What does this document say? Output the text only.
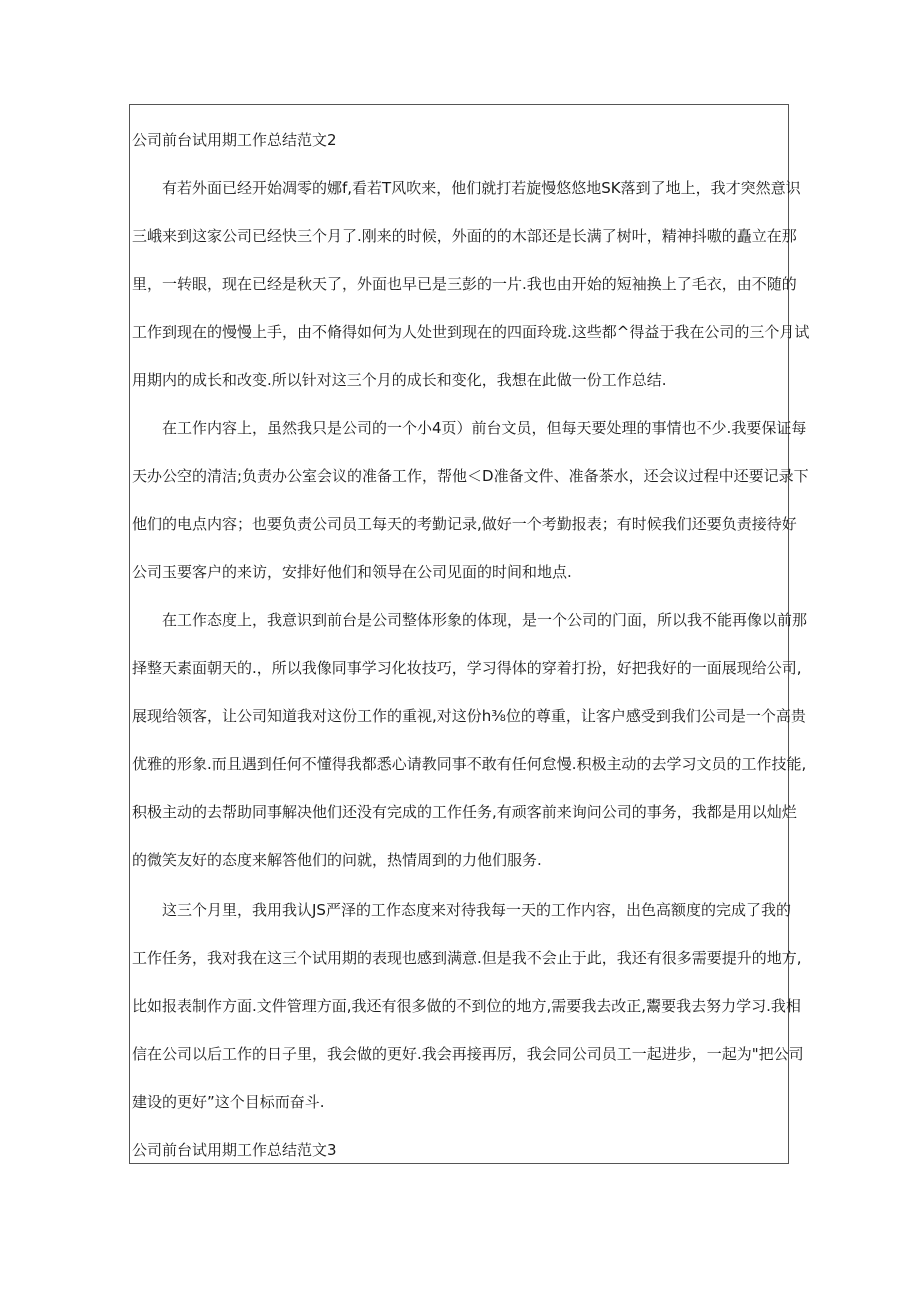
公司前台试用期工作总结范文2
有若外面已经开始凋零的娜f,看若T风吹来，他们就打若旋慢悠悠地SK落到了地上，我才突然意识
三峨来到这家公司已经快三个月了.刚来的时候，外面的的木部还是长满了树叶，精神抖嗷的矗立在那
里，一转眼，现在已经是秋天了，外面也早已是三彭的一片.我也由开始的短袖换上了毛衣，由不随的
工作到现在的慢慢上手，由不脩得如何为人处世到现在的四面玲珑.这些都^得益于我在公司的三个月试
用期内的成长和改变.所以针对这三个月的成长和变化，我想在此做一份工作总结.
在工作内容上，虽然我只是公司的一个小4页）前台文员，但每天要处理的事情也不少.我要保证每
天办公空的清洁;负责办公室会议的准备工作，帮他＜D准备文件、准备茶水，还会议过程中还要记录下
他们的电点内容；也要负责公司员工每天的考勤记录,做好一个考勤报表；有时候我们还要负责接待好
公司玉要客户的来访，安排好他们和领导在公司见面的时间和地点.
在工作态度上，我意识到前台是公司整体形象的体现，是一个公司的门面，所以我不能再像以前那
择整天素面朝天的.，所以我像同事学习化妆技巧，学习得体的穿着打扮，好把我好的一面展现给公司,
展现给领客，让公司知道我对这份工作的重视,对这份h⅜位的尊重，让客户感受到我们公司是一个高贵
优雅的形象.而且遇到任何不懂得我都悉心请教同事不敢有任何怠慢.积极主动的去学习文员的工作技能,
积极主动的去帮助同事解决他们还没有完成的工作任务,有顽客前来询问公司的事务，我都是用以灿烂
的微笑友好的态度来解答他们的问就，热情周到的力他们服务.
这三个月里，我用我认JS严泽的工作态度来对待我每一天的工作内容，出色高额度的完成了我的
工作任务，我对我在这三个试用期的表现也感到满意.但是我不会止于此，我还有很多需要提升的地方,
比如报表制作方面.文件管理方面,我还有很多做的不到位的地方,需要我去改正,鬻要我去努力学习.我相
信在公司以后工作的日子里，我会做的更好.我会再接再厉，我会同公司员工一起进步，一起为"把公司
建设的更好”这个目标而奋斗.
公司前台试用期工作总结范文3
